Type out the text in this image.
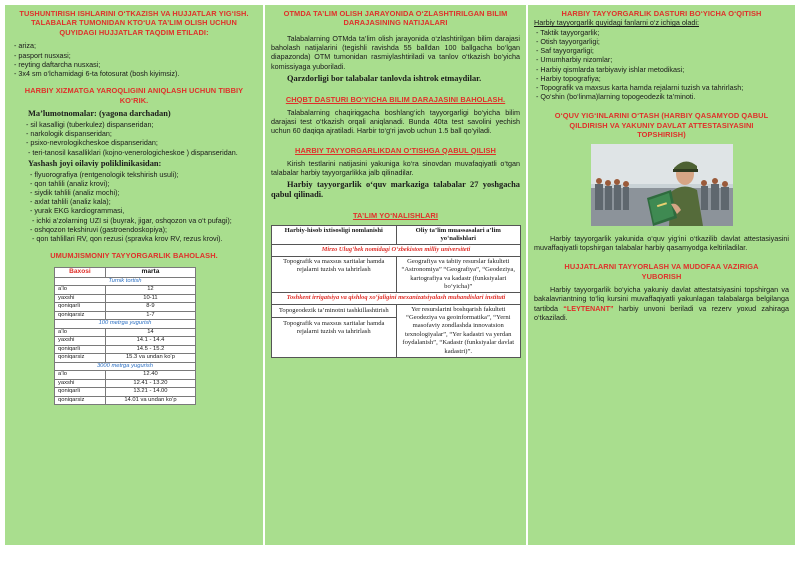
TUSHUNTIRISH ISHLARINI O‘TKAZISH VA HUJJATLAR YIG‘ISH. TALABALAR TUMONIDAN KTO‘UA TA’LIM OLISH UCHUN QUYIDAGI HUJJATLAR TAQDIM ETILADI:
- ariza;
- pasport nusxasi;
- reyting daftarcha nusxasi;
- 3x4 sm o‘lchamidagi 6-ta fotosurat (bosh kiyimsiz).
HARBIY XIZMATGA YAROQLIGINI ANIQLASH UCHUN TIBBIY KO‘RIK.
Ma’lumotnomalar: (yagona darchadan)
- sil kasalligi (tuberkulez) dispanseridan;
- narkologik dispanseridan;
- psixo-nevrologikcheskoe dispanseridan;
- teri-tanosil kasalliklari (kojno-venerologicheskoe ) dispanseridan.
Yashash joyi oilaviy poliklinikasidan:
- flyuorografiya (rentgenologik tekshirish usuli);
- qon tahlili (analiz krovi);
- siydik tahlili (analiz mochi);
- axlat tahlili (analiz kala);
- yurak EKG kardiogrammasi,
- ichki a’zolarning UZI si (buyrak, jigar, oshqozon va o‘t pufagi);
- oshqozon tekshiruvi (gastroendoskopiya);
- qon tahlillari RV, qon rezusi (spravka krov RV, rezus krovi).
UMUMJISMONIY TAYYORGARLIK BAHOLASH.
Baxosi	marta
Turnik tortish	
a’lo	12
yaxshi	10-11
qoniqarli	8-9
qoniqarsiz	1-7
100 metrga yugurish	
a’lo	14
yaxshi	14.1 - 14.4
qoniqarli	14.5 - 15.2
qoniqarsiz	15.3 va undan ko‘p
3000 metrga yugurish	
a’lo	12.40
yaxshi	12.41 - 13.20
qoniqarli	13.21 - 14.00
qoniqarsiz	14.01 va undan ko‘p
OTMDA TA’LIM OLISH JARAYONIDA O‘ZLASHTIRILGAN BILIM DARAJASINING NATIJALARI
Talabalarning OTMda ta’lim olish jarayonida o‘zlashtirilgan bilim darajasi baholash natijalarini (tegishli ravishda 55 balldan 100 ballgacha bo‘lgan diapazonda) OTM tumonidan rasmiylashtiriladi va tanlov o‘tkazish bo‘yicha komissiyaga yuboriladi.
Qarzdorligi bor talabalar tanlovda ishtrok etmaydilar.
CHQBT DASTURI BO‘YICHA BILIM DARAJASINI BAHOLASH.
Talabalarning chaqiriqgacha boshlang‘ich tayyorgarligi bo‘yicha bilim darajasi test o‘tkazish orqali aniqlanadi. Bunda 40ta test savolini yechish uchun 60 daqiqa ajratiladi. Harbir to‘g‘ri javob uchun 1.5 ball qo‘yiladi.
HARBIY TAYYORGARLIKDAN O‘TISHGA QABUL QILISH
Kirish testlarini natijasini yakuniga ko‘ra sinovdan muvafaqiyatli o‘tgan talabalar harbiy tayyorgarlikka jalb qilinadilar.
Harbiy tayyorgarlik o‘quv markaziga talabalar 27 yoshgacha qabul qilinadi.
TA’LIM YO‘NALISHLARI
Harbiy-hisob ixtisosligi nomlanishi	Oliy ta’lim muassasalari a’lim yo‘nalishlari
Mirzo Ulug‘bek nomidagi O‘zbekiston milliy universiteti	
Topografik va maxsus xaritalar hamda rejalarni tuzish va tahrirlash	Geografiya va tabiiy resurslar fakulteti “Astronomiya” “Geografiya”, “Geodeziya, kartografiya va kadastr (funksiyalari bo‘yicha)”
Toshkent irrigatsiya va qishloq xo‘jaligini mexanizatsiyalash muhandislari instituti	

Topogeodezik ta’minotni tashkillashtirish
Topografik va maxsus xaritalar hamda rejalarni tuzish va tahrirlash	Yer resurslarini boshqarish fakulteti “Geodeziya va geoinformatika”, “Yerni masofaviy zondlashda innovatsion texnologiyalar”, “Yer kadastri va yerdan foydalanish”, “Kadastr (funksiyalar davlat kadastri)”.
HARBIY TAYYORGARLIK DASTURI BO‘YICHA O‘QITISH
Harbiy tayyorgarlik quyidagi fanlarni o‘z ichiga oladi:
- Taktik tayyorgarlik;
- Otish tayyorgarligi;
- Saf tayyorgarligi;
- Umumharbiy nizomlar;
- Harbiy qismlarda tarbiyaviy ishlar metodikasi;
- Harbiy topografiya;
- Topografik va maxsus karta hamda rejalarni tuzish va tahrirlash;
- Qo‘shin (bo‘linma)larning topogeodezik ta’minoti.
O‘QUV YIG‘INLARINI O‘TASH (HARBIY QASAMYOD QABUL QILDIRISH VA YAKUNIY DAVLAT ATTESTASIYASINI TOPSHIRISH)
Harbiy tayyorgarlik yakunida o‘quv yig‘ini o‘tkazilib davlat attestasiyasini muvaffaqiyatli topshirgan talabalar harbiy qasamyodga keltiriladilar.
HUJJATLARNI TAYYORLASH VA MUDOFAA VAZIRIGA YUBORISH
Harbiy tayyorgarlik bo‘yicha yakuniy davlat attestatsiyasini topshirgan va bakalavriantning to‘liq kursini muvaffaqiyatli yakunlagan talabalarga belgilanga tartibda “LEYTENANT” harbiy unvoni beriladi va rezerv yoxud zahiraga o‘tkaziladi.
